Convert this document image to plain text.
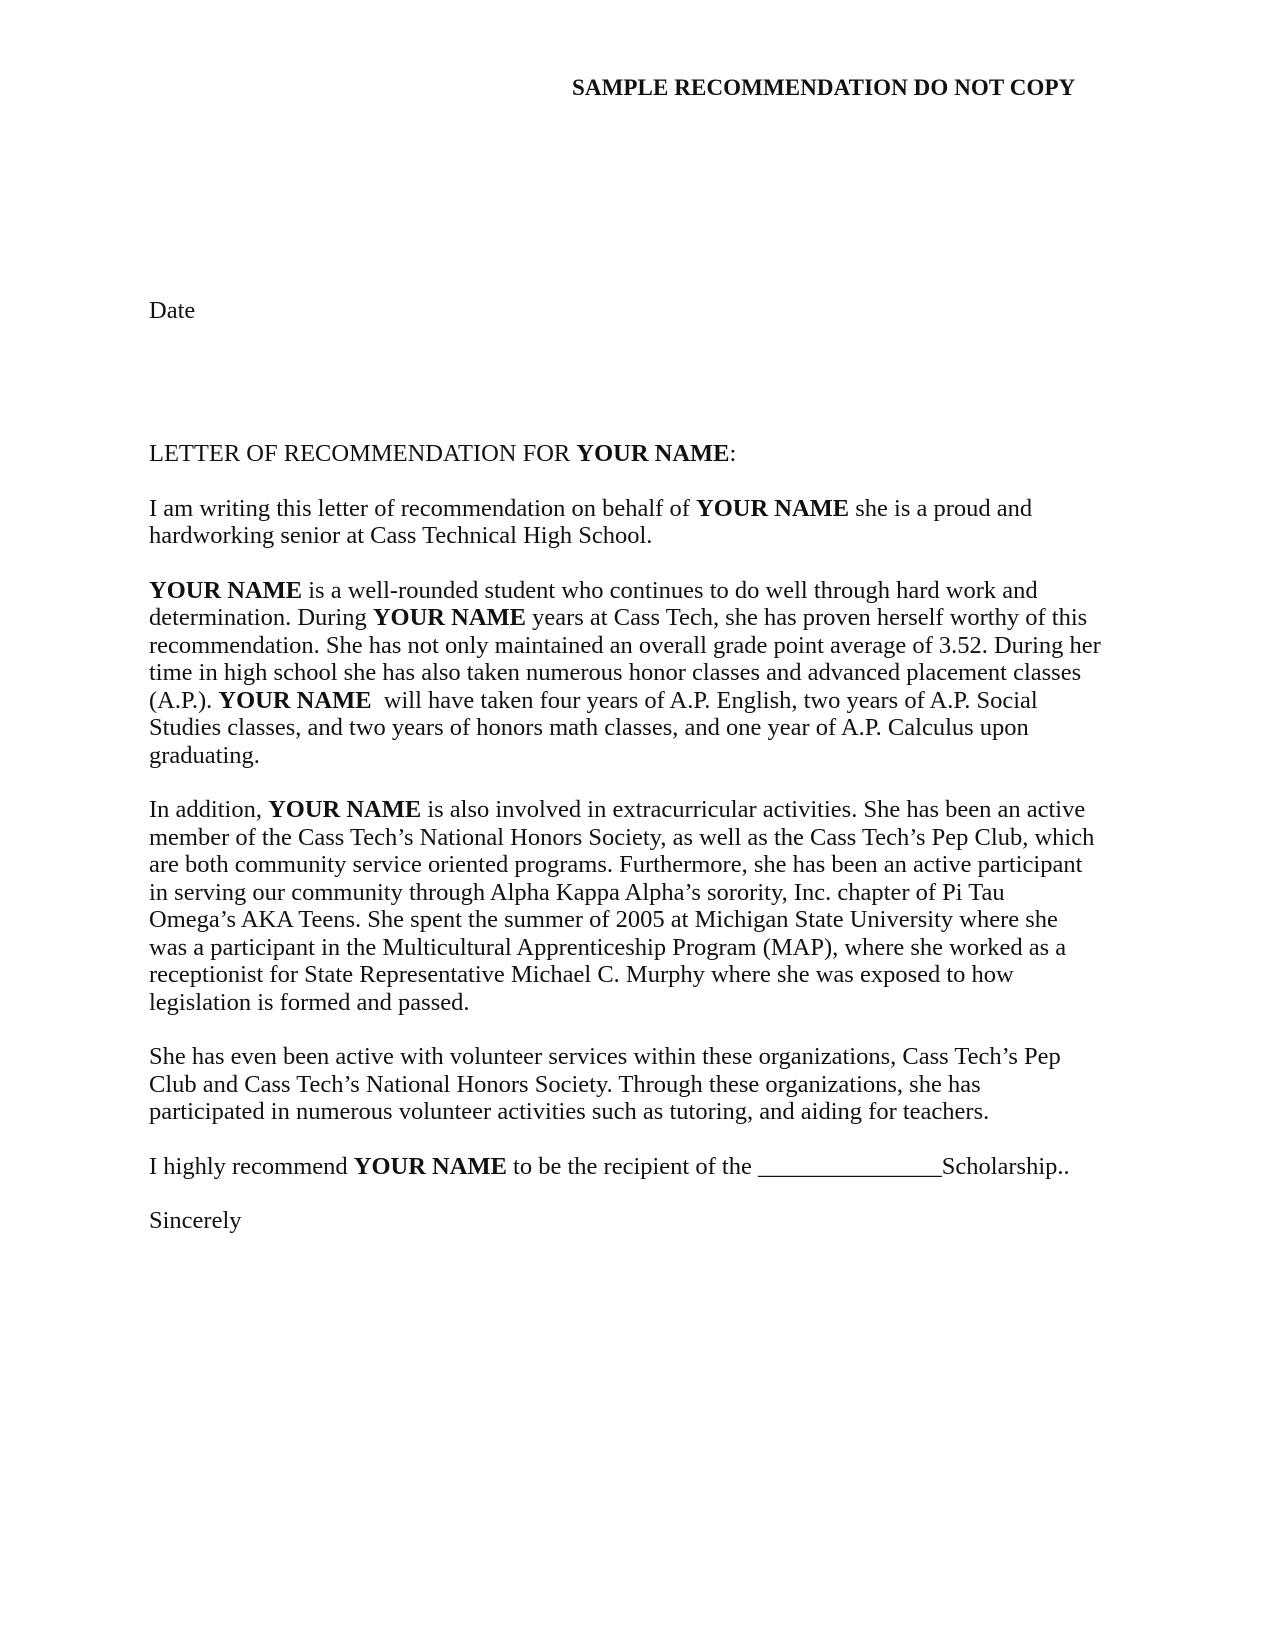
SAMPLE RECOMMENDATION DO NOT COPY
Date

LETTER OF RECOMMENDATION FOR YOUR NAME:

I am writing this letter of recommendation on behalf of YOUR NAME she is a proud and
hardworking senior at Cass Technical High School.

YOUR NAME is a well-rounded student who continues to do well through hard work and
determination. During YOUR NAME years at Cass Tech, she has proven herself worthy of this
recommendation. She has not only maintained an overall grade point average of 3.52. During her
time in high school she has also taken numerous honor classes and advanced placement classes
(A.P.). YOUR NAME  will have taken four years of A.P. English, two years of A.P. Social
Studies classes, and two years of honors math classes, and one year of A.P. Calculus upon
graduating.

In addition, YOUR NAME is also involved in extracurricular activities. She has been an active
member of the Cass Tech’s National Honors Society, as well as the Cass Tech’s Pep Club, which
are both community service oriented programs. Furthermore, she has been an active participant
in serving our community through Alpha Kappa Alpha’s sorority, Inc. chapter of Pi Tau
Omega’s AKA Teens. She spent the summer of 2005 at Michigan State University where she
was a participant in the Multicultural Apprenticeship Program (MAP), where she worked as a
receptionist for State Representative Michael C. Murphy where she was exposed to how
legislation is formed and passed.

She has even been active with volunteer services within these organizations, Cass Tech’s Pep
Club and Cass Tech’s National Honors Society. Through these organizations, she has
participated in numerous volunteer activities such as tutoring, and aiding for teachers.

I highly recommend YOUR NAME to be the recipient of the _______________Scholarship..

Sincerely
